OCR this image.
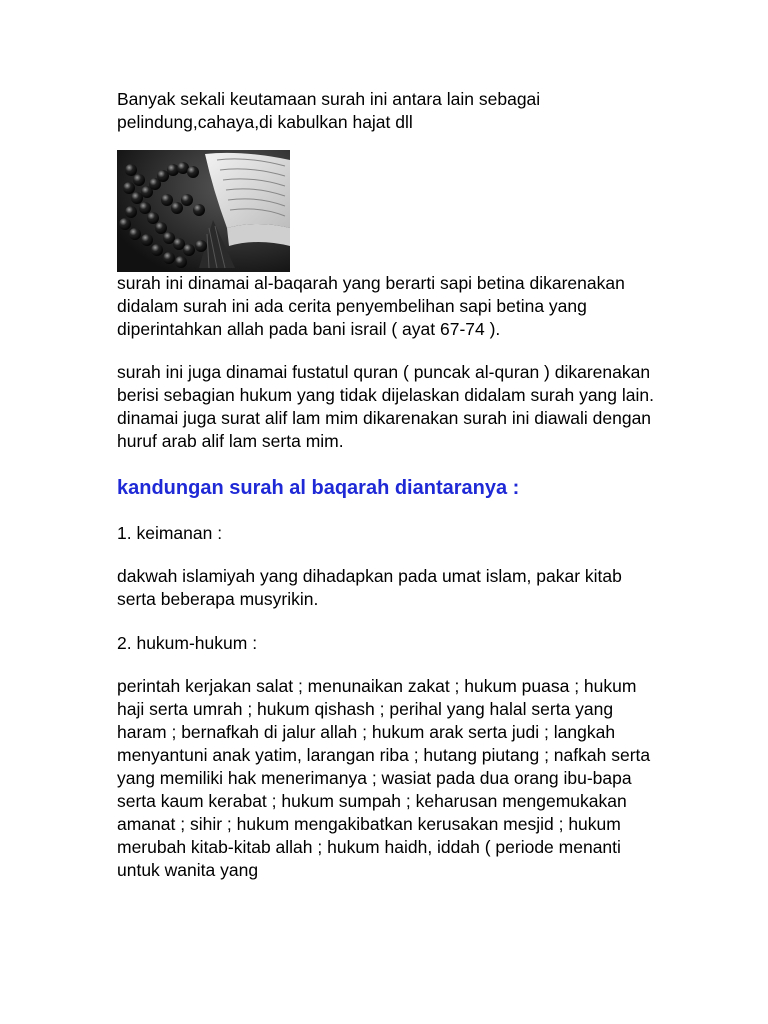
Banyak sekali keutamaan surah ini antara lain sebagai pelindung,cahaya,di kabulkan hajat dll

surah ini dinamai al-baqarah yang berarti sapi betina dikarenakan didalam surah ini ada cerita penyembelihan sapi betina yang diperintahkan allah pada bani israil ( ayat 67-74 ).

surah ini juga dinamai fustatul quran ( puncak al-quran ) dikarenakan berisi sebagian hukum yang tidak dijelaskan didalam surah yang lain. dinamai juga surat alif lam mim dikarenakan surah ini diawali dengan huruf arab alif lam serta mim.

kandungan surah al baqarah diantaranya :

1. keimanan :

dakwah islamiyah yang dihadapkan pada umat islam, pakar kitab serta beberapa musyrikin.

2. hukum-hukum :

perintah kerjakan salat ; menunaikan zakat ; hukum puasa ; hukum haji serta umrah ; hukum qishash ; perihal yang halal serta yang haram ; bernafkah di jalur allah ; hukum arak serta judi ; langkah menyantuni anak yatim, larangan riba ; hutang piutang ; nafkah serta yang memiliki hak menerimanya ; wasiat pada dua orang ibu-bapa serta kaum kerabat ; hukum sumpah ; keharusan mengemukakan amanat ; sihir ; hukum mengakibatkan kerusakan mesjid ; hukum merubah kitab-kitab allah ; hukum haidh, iddah ( periode menanti untuk wanita yang
